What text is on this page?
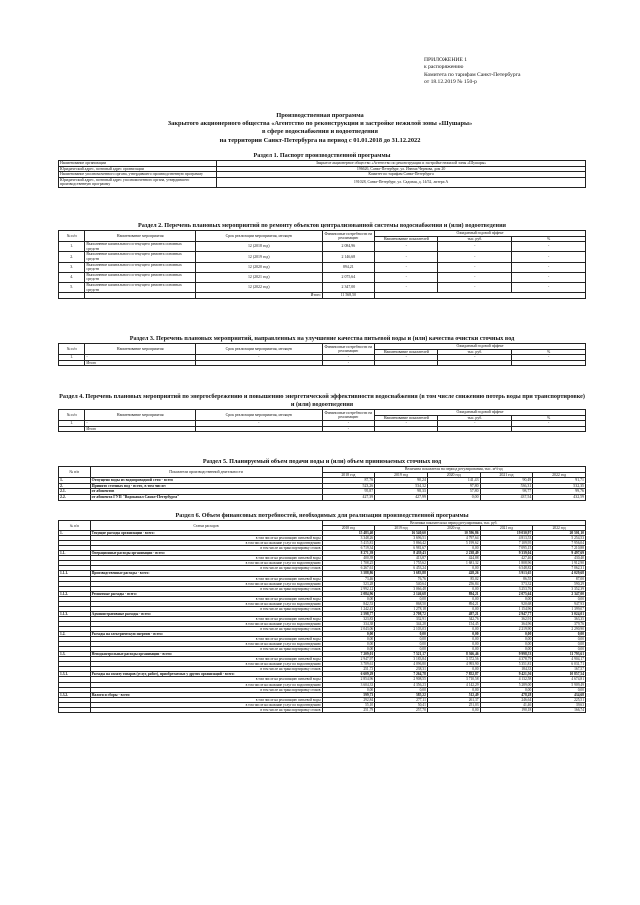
ПРИЛОЖЕНИЕ 1
к распоряжению
Комитета по тарифам Санкт-Петербурга
от 18.12.2019 № 150-р
Производственная программа
Закрытого акционерного общества «Агентство по реконструкции и застройке нежилой зоны «Шушары»
в сфере водоснабжения и водоотведения
на территории Санкт-Петербурга на период с 01.01.2018 до 31.12.2022
Раздел 1. Паспорт производственной программы
Наименование организации	Закрытое акционерное общество «Агентство по реконструкции и застройке нежилой зоны «Шушары»
Юридический адрес, почтовый адрес организации	196626, Санкт-Петербург, ул. Изюма Чернова, дом 20
Наименование уполномоченного органа, утвердившего производственную программу	Комитет по тарифам Санкт-Петербурга
Юридический адрес, почтовый адрес уполномоченного органа, утвердившего производственную программу	191028, Санкт-Петербург, ул. Садовая, д. 14/52, литера А
Раздел 2. Перечень плановых мероприятий по ремонту объектов централизованной системы водоснабжения и (или) водоотведения
№ п/п	Наименование мероприятия	Срок реализации мероприятия, месяцев	Финансовые потребности на реализацию	Ожидаемый годовой эффект		
				Наименование показателей	тыс. руб.	%
1.	Выполнение капитального и текущего ремонта основных средств	12 (2018 год)	2 084,96	-	-	-
2.	Выполнение капитального и текущего ремонта основных средств	12 (2019 год)	2 146,68	-	-	-
3.	Выполнение капитального и текущего ремонта основных средств	12 (2020 год)	894,21	-	-	-
4.	Выполнение капитального и текущего ремонта основных средств	12 (2021 год)	2 075,64	-	-	-
5.	Выполнение капитального и текущего ремонта основных средств	12 (2022 год)	2 347,00	-	-	-
		Итого	11 568,50			
Раздел 3. Перечень плановых мероприятий, направленных на улучшение качества питьевой воды и (или) качества очистки сточных вод
№ п/п	Наименование мероприятия	Срок реализации мероприятия, месяцев	Финансовые потребности на реализацию	Ожидаемый годовой эффект		
				Наименование показателей	тыс. руб.	%
1.	-	-	-	-	-	-
	Итого		-			
Раздел 4. Перечень плановых мероприятий по энергосбережению и повышению энергетической эффективности водоснабжения (в том числе снижению потерь воды при транспортировке) и (или) водоотведения
№ п/п	Наименование мероприятия	Срок реализации мероприятия, месяцев	Финансовые потребности на реализацию	Ожидаемый годовой эффект		
				Наименование показателей	тыс. руб.	%
1.	-	-	-	-	-	-
	Итого		-			
Раздел 5. Планируемый объем подачи воды и (или) объем принимаемых сточных вод
№ п/п	Показатели производственной деятельности	Величина показателя на период регулирования, тыс. м³/год				
		2018 год	2019 год	2020 год	2021 год	2022 год
1.	Отпущено воды из водопроводной сети - всего	87,76	90,24	141,43	90,49	91,71
2.	Принято сточных вод - всего, в том числе:	523,26	534,32	97,80	536,31	532,35
2.1.	от абонентов	95,87	98,33	57,80	98,77	99,76
2.2.	от абонента ГУП "Водоканал Санкт-Петербурга"	427,39	427,99	0,00	437,54	432,59
Раздел 6. Объем финансовых потребностей, необходимых для реализации производственной программы
№ п/п	Статьи расходов	Величина показателя на период регулирования, тыс. руб.				
		2018 год	2019 год	2020 год	2021 год	2022 год
1.	Текущие расходы организации - всего:	15 483,40	16 540,60	10 596,86	19 030,97	20 501,10
	в том числе на реализацию питьевой воды	3 348,26	3 696,51	4 797,64	4 813,53	5 254,53
	в том числе на оказание услуг по водоотведению	5 415,81	5 866,42	5 199,62	7 109,95	7 956,04
	в том числе на транспортировку стоков	6 719,34	6 981,67	0,00	7 095,15	7 210,88
1.1.	Операционные расходы организации - всего:	8 271,39	8 439,43	2 238,49	9 339,04	9 497,69
	в том числе на реализацию питьевой воды	400,39	413,87	424,88	427,46	430,40
	в том числе на оказание услуг по водоотведению	1 708,25	1 755,62	1 681,32	1 808,96	1 912,90
	в том числе на транспортировку стоков	6 267,61	6 453,24	0,00	6 548,82	7 062,31
1.1.1.	Производственные расходы - всего:	3 588,86	3 683,88	428,26	3 913,65	4 029,68
	в том числе на реализацию питьевой воды	73,46	76,76	85,02	86,55	87,00
	в том числе на оказание услуг по водоотведению	523,28	540,64	256,84	573,32	590,29
	в том числе на транспортировку стоков	2 992,12	3 066,48	0,00	3 253,76	3 352,39
1.1.2.	Ремонтные расходы - всего:	2 084,96	2 146,68	894,21	2 075,64	2 347,00
	в том числе на реализацию питьевой воды	0,00	0,00	0,00	0,00	0,00
	в том числе на оказание услуг по водоотведению	842,53	868,50	894,21	920,68	947,93
	в том числе на транспортировку стоков	1 242,43	1 278,18	0,00	1 154,96	1 399,07
1.1.3.	Административные расходы - всего:	2 598,77	2 708,72	497,21	2 947,77	3 024,01
	в том числе на реализацию питьевой воды	323,83	332,91	342,76	362,91	363,35
	в том числе на оказание услуг по водоотведению	334,38	344,28	154,45	364,96	379,76
	в том числе на транспортировку стоков	2 043,06	2 103,03	0,00	2 219,90	2 290,90
1.2.	Расходы на электрическую энергию - всего:	0,00	0,00	0,00	0,00	0,00
	в том числе на реализацию питьевой воды	0,00	0,00	0,00	0,00	0,00
	в том числе на оказание услуг по водоотведению	0,00	0,00	0,00	0,00	0,00
	в том числе на транспортировку стоков	0,00	0,00	0,00	0,00	0,00
1.3.	Неподконтрольные расходы организации - всего:	7 209,01	7 521,17	8 366,46	9 998,53	11 793,61
	в том числе на реализацию питьевой воды	2 947,97	3 183,84	3 372,56	4 378,79	4 904,17
	в том числе на оказание услуг по водоотведению	3 709,61	4 096,80	4 993,90	5 351,81	6 031,71
	в том числе на транспортировку стоков	251,73	238,31	0,00	184,33	167,57
1.3.1.	Расходы на оплату товаров (услуг, работ), приобретаемых у других организаций - всего:	6 609,29	7 264,78	7 852,87	9 421,56	10 857,54
	в том числе на реализацию питьевой воды	2 854,96	2 908,55	3 710,58	4 132,58	4 674,81
	в том числе на оказание услуг по водоотведению	3 604,33	4 356,23	4 142,29	5 289,00	5 909,49
	в том числе на транспортировку стоков	0,00	0,00	0,00	0,00	0,00
1.3.2.	Налоги и сборы - всего:	599,73	585,22	512,49	478,28	434,68
	в том числе на реализацию питьевой воды	292,84	277,11	261,37	246,64	225,51
	в том числе на оказание услуг по водоотведению	55,10	50,41	251,03	41,46	39,63
	в том числе на транспортировку стоков	251,79	257,70	0,00	190,18	166,74
